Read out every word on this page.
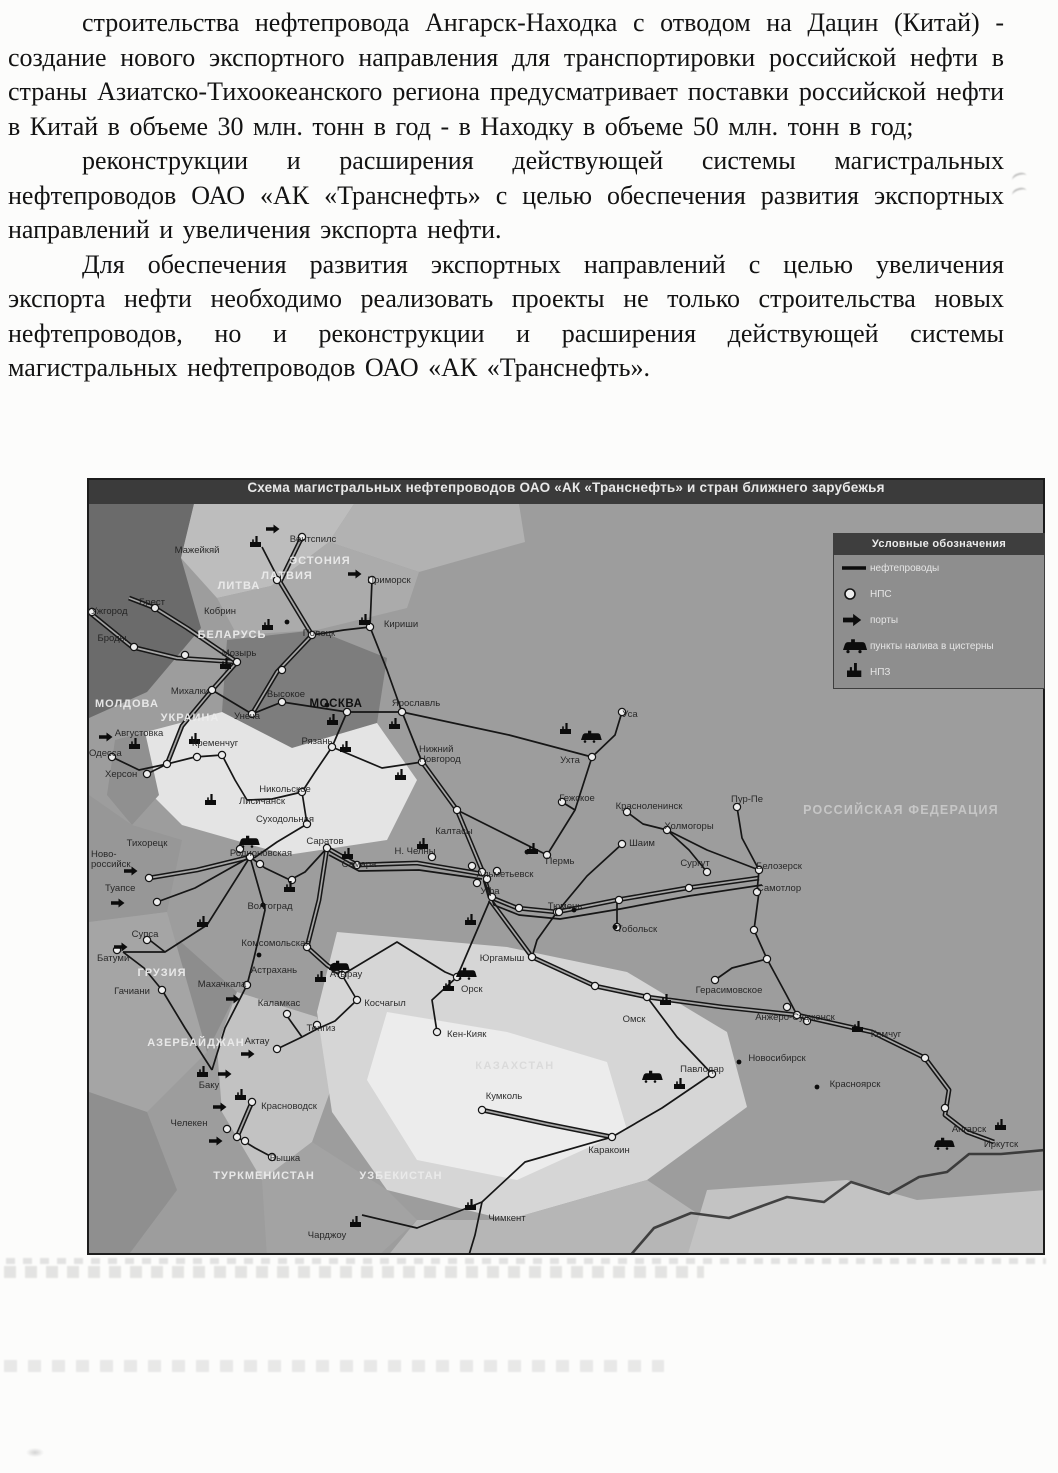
строительства нефтепровода Ангарск-Находка с отводом на Дацин (Китай) - создание нового экспортного направления для транспортировки российской нефти в страны Азиатско-Тихоокеанского региона предусматривает поставки российской нефти в Китай в объеме 30 млн. тонн в год - в Находку в объеме 50 млн. тонн в год;

реконструкции и расширения действующей системы магистральных нефтепроводов ОАО «АК «Транснефть» с целью обеспечения развития экспортных направлений и увеличения экспорта нефти.

Для обеспечения развития экспортных направлений с целью увеличения экспорта нефти необходимо реализовать проекты не только строительства новых нефтепроводов, но и реконструкции и расширения действующей системы магистральных нефтепроводов ОАО «АК «Транснефть».

Схема магистральных нефтепроводов ОАО «АК «Транснефть» и стран ближнего зарубежья
Мажейкяй
Вентспилс
Приморск
Брест
Кобрин
Полоцк
Кириши
Ужгород
Броды
Мозырь
Михалки	Высокое
Унеча
Ярославль
Рязань
Нижний Новгород
Уса
Ухта
Гежское
Красноленинск
Пур-Пе
Холмогоры
Шаим
Сургут	Белозерск
Самотлор
Пермь
Тюмень
Тобольск
Н. Челны
Калтасы
Альметьевск
Уфа
Саратов
Самара
Августовка
Кременчуг
Одесса
Херсон
Никольское
Лисичанск
Суходольная
Тихорецк
Родионовская
Ново-российск
Туапсе
Волгоград
Супса
Батуми
Гачиани
Махачкала
Комсомольская
Астрахань	Атырау
Косчагыл
Каламкас
Тенгиз
Актау
Баку
Красноводск
Челекен
Вышка
Чарджоу
Чимкент
Каракоин
Кумколь
Павлодар
Новосибирск
Красноярск
Ангарск
Иркутск
Кемчуг
Анжеро-Судженск
Омск
Герасимовское
Орск
Кен-Кияк
Юргамыш
МОСКВА
ЭСТОНИЯ
ЛАТВИЯ
ЛИТВА
БЕЛАРУСЬ
УКРАИНА
МОЛДОВА
ГРУЗИЯ
АЗЕРБАЙДЖАН
КАЗАХСТАН
ТУРКМЕНИСТАН	УЗБЕКИСТАН
РОССИЙСКАЯ ФЕДЕРАЦИЯ
Условные обозначения
нефтепроводы
НПС
порты
пункты налива в цистерны
НПЗ
